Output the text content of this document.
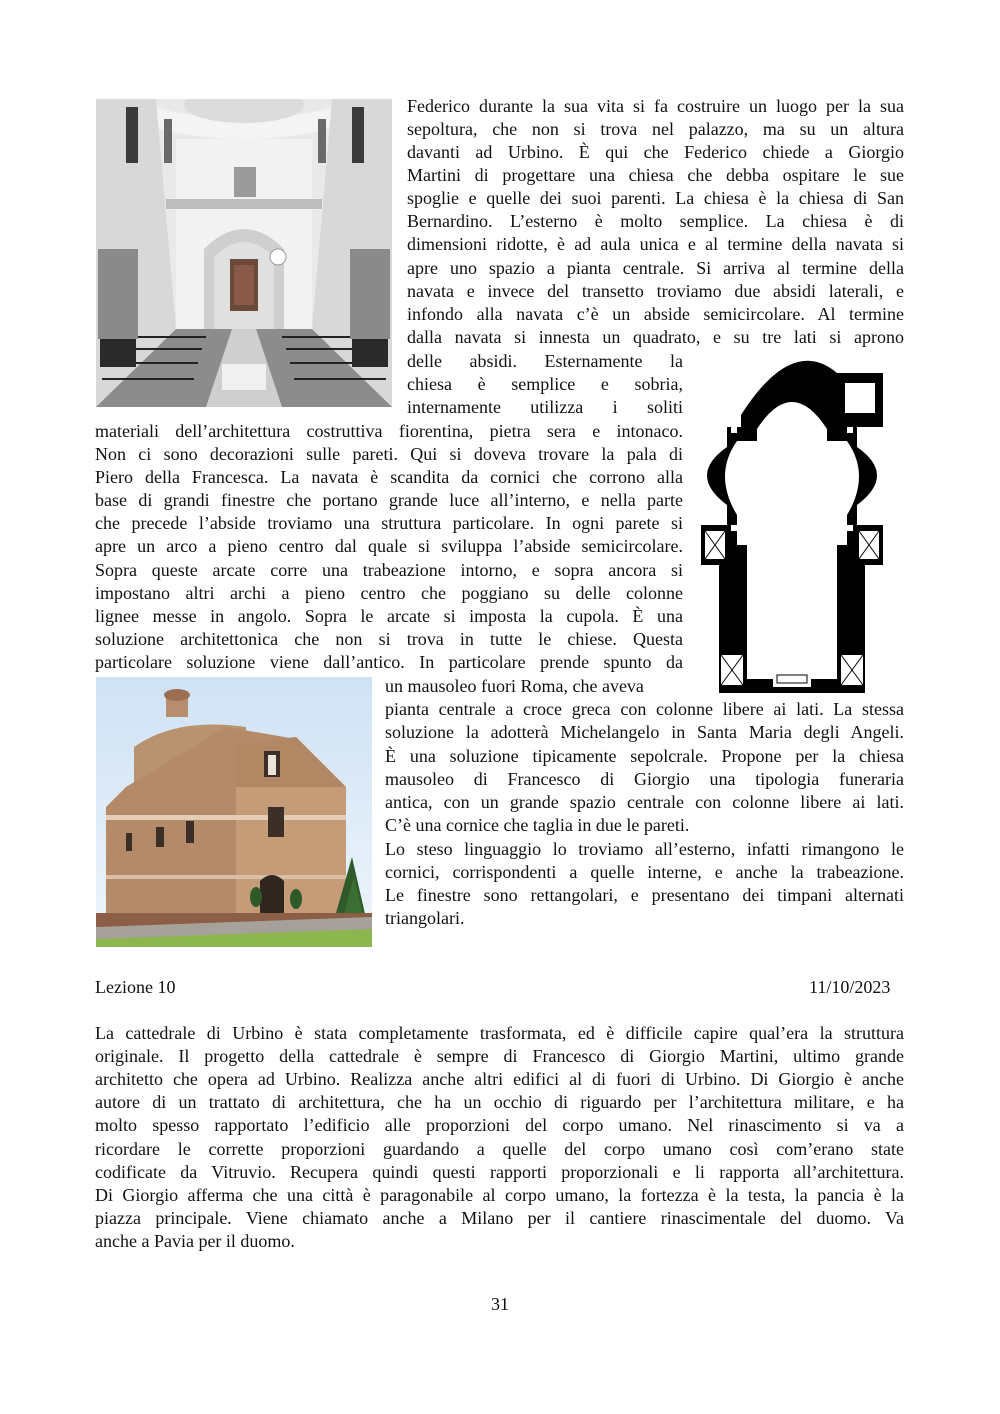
Federico durante la sua vita si fa costruire un luogo per la sua
sepoltura, che non si trova nel palazzo, ma su un altura
davanti ad Urbino. È qui che Federico chiede a Giorgio
Martini di progettare una chiesa che debba ospitare le sue
spoglie e quelle dei suoi parenti. La chiesa è la chiesa di San
Bernardino. L’esterno è molto semplice. La chiesa è di
dimensioni ridotte, è ad aula unica e al termine della navata si
apre uno spazio a pianta centrale. Si arriva al termine della
navata e invece del transetto troviamo due absidi laterali, e
infondo alla navata c’è un abside semicircolare. Al termine
dalla navata si innesta un quadrato, e su tre lati si aprono
delle absidi. Esternamente la
chiesa è semplice e sobria,
internamente utilizza i soliti
materiali dell’architettura costruttiva fiorentina, pietra sera e intonaco.
Non ci sono decorazioni sulle pareti. Qui si doveva trovare la pala di
Piero della Francesca. La navata è scandita da cornici che corrono alla
base di grandi finestre che portano grande luce all’interno, e nella parte
che precede l’abside troviamo una struttura particolare. In ogni parete si
apre un arco a pieno centro dal quale si sviluppa l’abside semicircolare.
Sopra queste arcate corre una trabeazione intorno, e sopra ancora si
impostano altri archi a pieno centro che poggiano su delle colonne
lignee messe in angolo. Sopra le arcate si imposta la cupola. È una
soluzione architettonica che non si trova in tutte le chiese. Questa
particolare soluzione viene dall’antico. In particolare prende spunto da
un mausoleo fuori Roma, che aveva
pianta centrale a croce greca con colonne libere ai lati. La stessa
soluzione la adotterà Michelangelo in Santa Maria degli Angeli.
È una soluzione tipicamente sepolcrale. Propone per la chiesa
mausoleo di Francesco di Giorgio una tipologia funeraria
antica, con un grande spazio centrale con colonne libere ai lati.
C’è una cornice che taglia in due le pareti.
Lo steso linguaggio lo troviamo all’esterno, infatti rimangono le
cornici, corrispondenti a quelle interne, e anche la trabeazione.
Le finestre sono rettangolari, e presentano dei timpani alternati
triangolari.
Lezione 10	11/10/2023
La cattedrale di Urbino è stata completamente trasformata, ed è difficile capire qual’era la struttura
originale. Il progetto della cattedrale è sempre di Francesco di Giorgio Martini, ultimo grande
architetto che opera ad Urbino. Realizza anche altri edifici al di fuori di Urbino. Di Giorgio è anche
autore di un trattato di architettura, che ha un occhio di riguardo per l’architettura militare, e ha
molto spesso rapportato l’edificio alle proporzioni del corpo umano. Nel rinascimento si va a
ricordare le corrette proporzioni guardando a quelle del corpo umano così com’erano state
codificate da Vitruvio. Recupera quindi questi rapporti proporzionali e li rapporta all’architettura.
Di Giorgio afferma che una città è paragonabile al corpo umano, la fortezza è la testa, la pancia è la
piazza principale. Viene chiamato anche a Milano per il cantiere rinascimentale del duomo. Va
anche a Pavia per il duomo.
31
